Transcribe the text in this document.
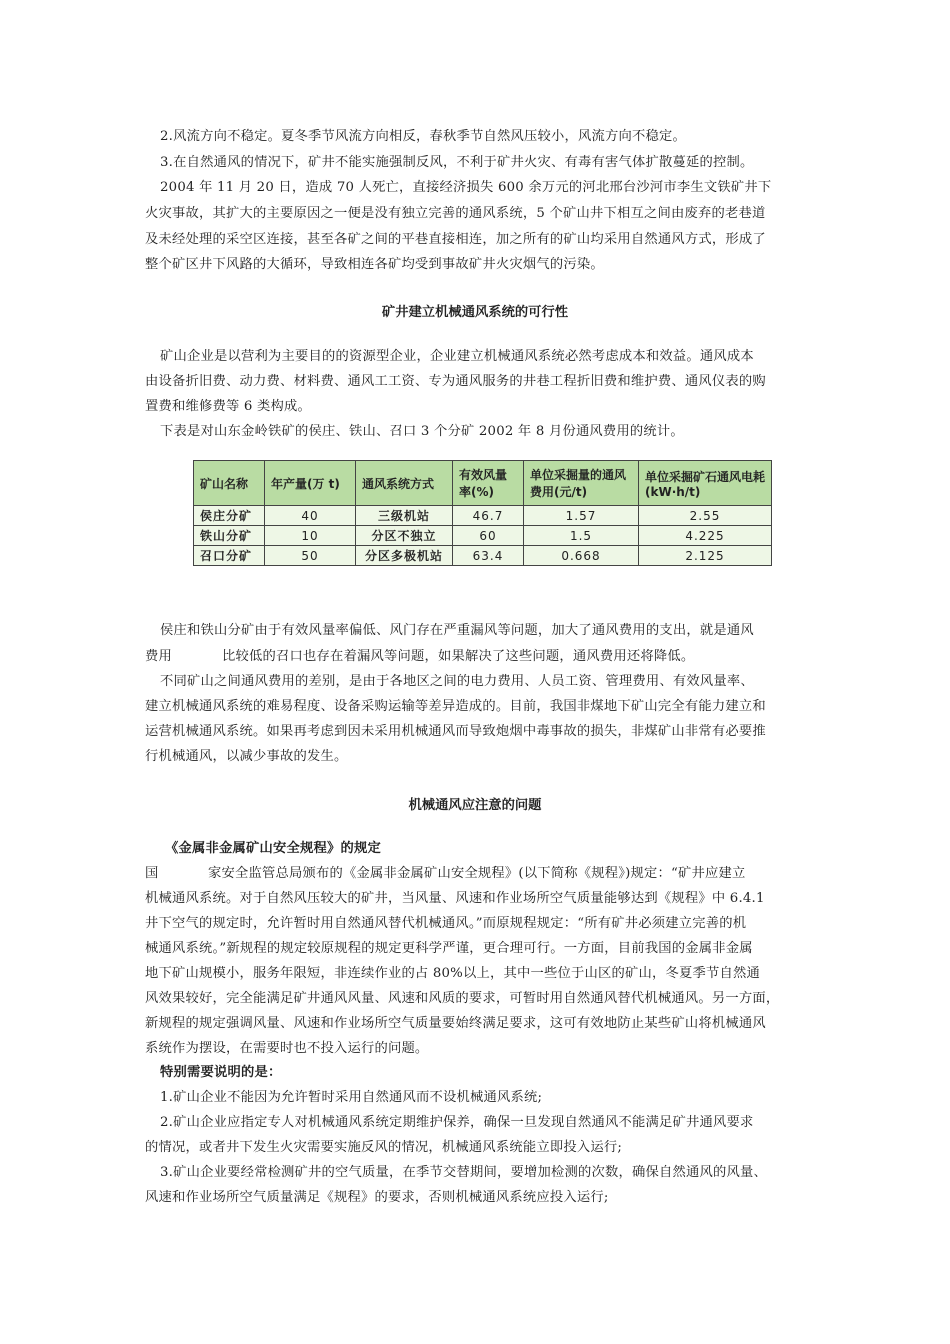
2.风流方向不稳定。夏冬季节风流方向相反，春秋季节自然风压较小，风流方向不稳定。
3.在自然通风的情况下，矿井不能实施强制反风，不利于矿井火灾、有毒有害气体扩散蔓延的控制。
2004 年 11 月 20 日，造成 70 人死亡，直接经济损失 600 余万元的河北邢台沙河市李生文铁矿井下
火灾事故，其扩大的主要原因之一便是没有独立完善的通风系统，5 个矿山井下相互之间由废弃的老巷道
及未经处理的采空区连接，甚至各矿之间的平巷直接相连，加之所有的矿山均采用自然通风方式，形成了
整个矿区井下风路的大循环，导致相连各矿均受到事故矿井火灾烟气的污染。
矿井建立机械通风系统的可行性
矿山企业是以营利为主要目的的资源型企业，企业建立机械通风系统必然考虑成本和效益。通风成本
由设备折旧费、动力费、材料费、通风工工资、专为通风服务的井巷工程折旧费和维护费、通风仪表的购
置费和维修费等 6 类构成。
下表是对山东金岭铁矿的侯庄、铁山、召口 3 个分矿 2002 年 8 月份通风费用的统计。
矿山名称	年产量(万 t)	通风系统方式	有效风量率(%)	单位采掘量的通风费用(元/t)	单位采掘矿石通风电耗(kW·h/t)
侯庄分矿	40	三级机站	46.7	1.57	2.55
铁山分矿	10	分区不独立	60	1.5	4.225
召口分矿	50	分区多极机站	63.4	0.668	2.125
侯庄和铁山分矿由于有效风量率偏低、风门存在严重漏风等问题，加大了通风费用的支出，就是通风
费用	比较低的召口也存在着漏风等问题，如果解决了这些问题，通风费用还将降低。
不同矿山之间通风费用的差别，是由于各地区之间的电力费用、人员工资、管理费用、有效风量率、
建立机械通风系统的难易程度、设备采购运输等差异造成的。目前，我国非煤地下矿山完全有能力建立和
运营机械通风系统。如果再考虑到因未采用机械通风而导致炮烟中毒事故的损失，非煤矿山非常有必要推
行机械通风，以减少事故的发生。
机械通风应注意的问题
《金属非金属矿山安全规程》的规定
国	家安全监管总局颁布的《金属非金属矿山安全规程》(以下简称《规程》)规定：“矿井应建立
机械通风系统。对于自然风压较大的矿井，当风量、风速和作业场所空气质量能够达到《规程》中 6.4.1
井下空气的规定时，允许暂时用自然通风替代机械通风。”而原规程规定：“所有矿井必须建立完善的机
械通风系统。”新规程的规定较原规程的规定更科学严谨，更合理可行。一方面，目前我国的金属非金属
地下矿山规模小，服务年限短，非连续作业的占 80%以上，其中一些位于山区的矿山，冬夏季节自然通
风效果较好，完全能满足矿井通风风量、风速和风质的要求，可暂时用自然通风替代机械通风。另一方面，
新规程的规定强调风量、风速和作业场所空气质量要始终满足要求，这可有效地防止某些矿山将机械通风
系统作为摆设，在需要时也不投入运行的问题。
特别需要说明的是：
1.矿山企业不能因为允许暂时采用自然通风而不设机械通风系统;
2.矿山企业应指定专人对机械通风系统定期维护保养，确保一旦发现自然通风不能满足矿井通风要求
的情况，或者井下发生火灾需要实施反风的情况，机械通风系统能立即投入运行;
3.矿山企业要经常检测矿井的空气质量，在季节交替期间，要增加检测的次数，确保自然通风的风量、
风速和作业场所空气质量满足《规程》的要求，否则机械通风系统应投入运行;
